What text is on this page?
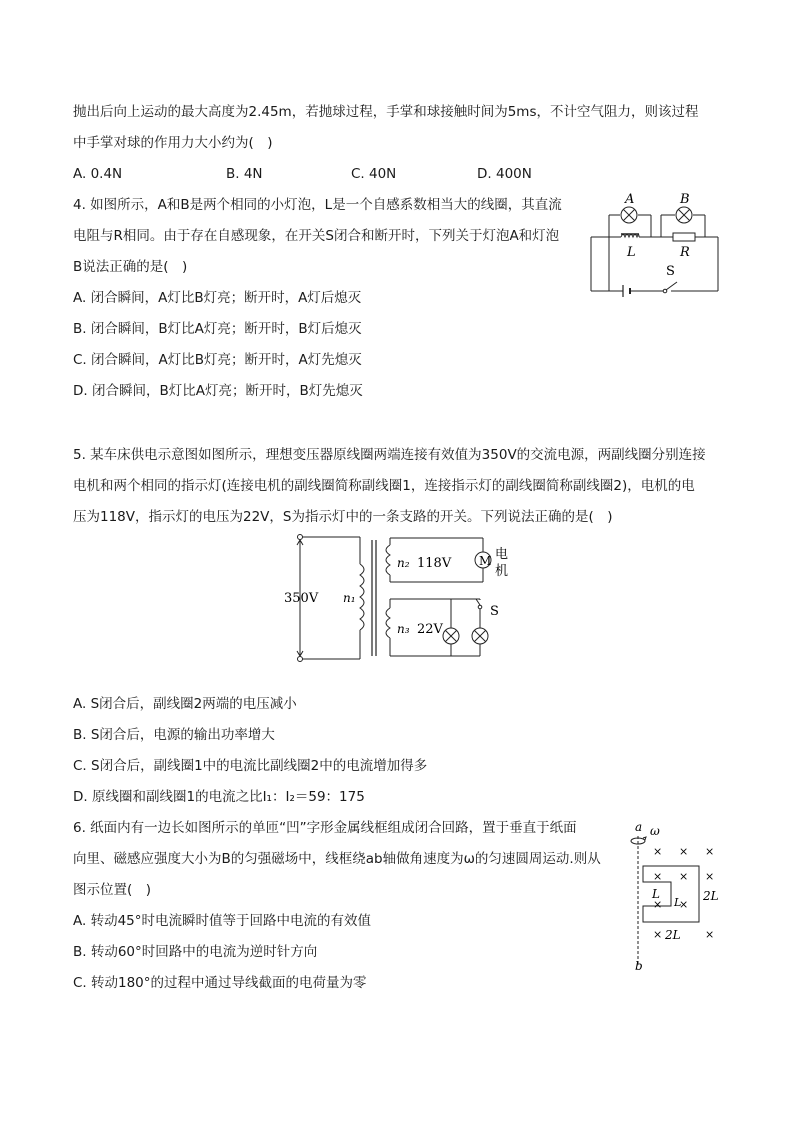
抛出后向上运动的最大高度为2.45m，若抛球过程，手掌和球接触时间为5ms，不计空气阻力，则该过程
中手掌对球的作用力大小约为(　)
A. 0.4N	B. 4N	C. 40N	D. 400N
4. 如图所示，A和B是两个相同的小灯泡，L是一个自感系数相当大的线圈，其直流
电阻与R相同。由于存在自感现象，在开关S闭合和断开时，下列关于灯泡A和灯泡
B说法正确的是(　)
A. 闭合瞬间，A灯比B灯亮；断开时，A灯后熄灭
B. 闭合瞬间，B灯比A灯亮；断开时，B灯后熄灭
C. 闭合瞬间，A灯比B灯亮；断开时，A灯先熄灭
D. 闭合瞬间，B灯比A灯亮；断开时，B灯先熄灭
A	B
L	R
S
5. 某车床供电示意图如图所示，理想变压器原线圈两端连接有效值为350V的交流电源，两副线圈分别连接
电机和两个相同的指示灯(连接电机的副线圈简称副线圈1，连接指示灯的副线圈简称副线圈2)，电机的电
压为118V，指示灯的电压为22V，S为指示灯中的一条支路的开关。下列说法正确的是(　)
M 电
机
350V n₁
n₂ 118V
n₃ 22V
S
A. S闭合后，副线圈2两端的电压减小
B. S闭合后，电源的输出功率增大
C. S闭合后，副线圈1中的电流比副线圈2中的电流增加得多
D. 原线圈和副线圈1的电流之比I₁：I₂＝59：175
6. 纸面内有一边长如图所示的单匝“凹”字形金属线框组成闭合回路，置于垂直于纸面
向里、磁感应强度大小为B的匀强磁场中，线框绕ab轴做角速度为ω的匀速圆周运动.则从
图示位置(　)
A. 转动45°时电流瞬时值等于回路中电流的有效值
B. 转动60°时回路中的电流为逆时针方向
C. 转动180°的过程中通过导线截面的电荷量为零
a ω
b
× × ×
× × ×
× ×
×	×
L
L 2L
2L
